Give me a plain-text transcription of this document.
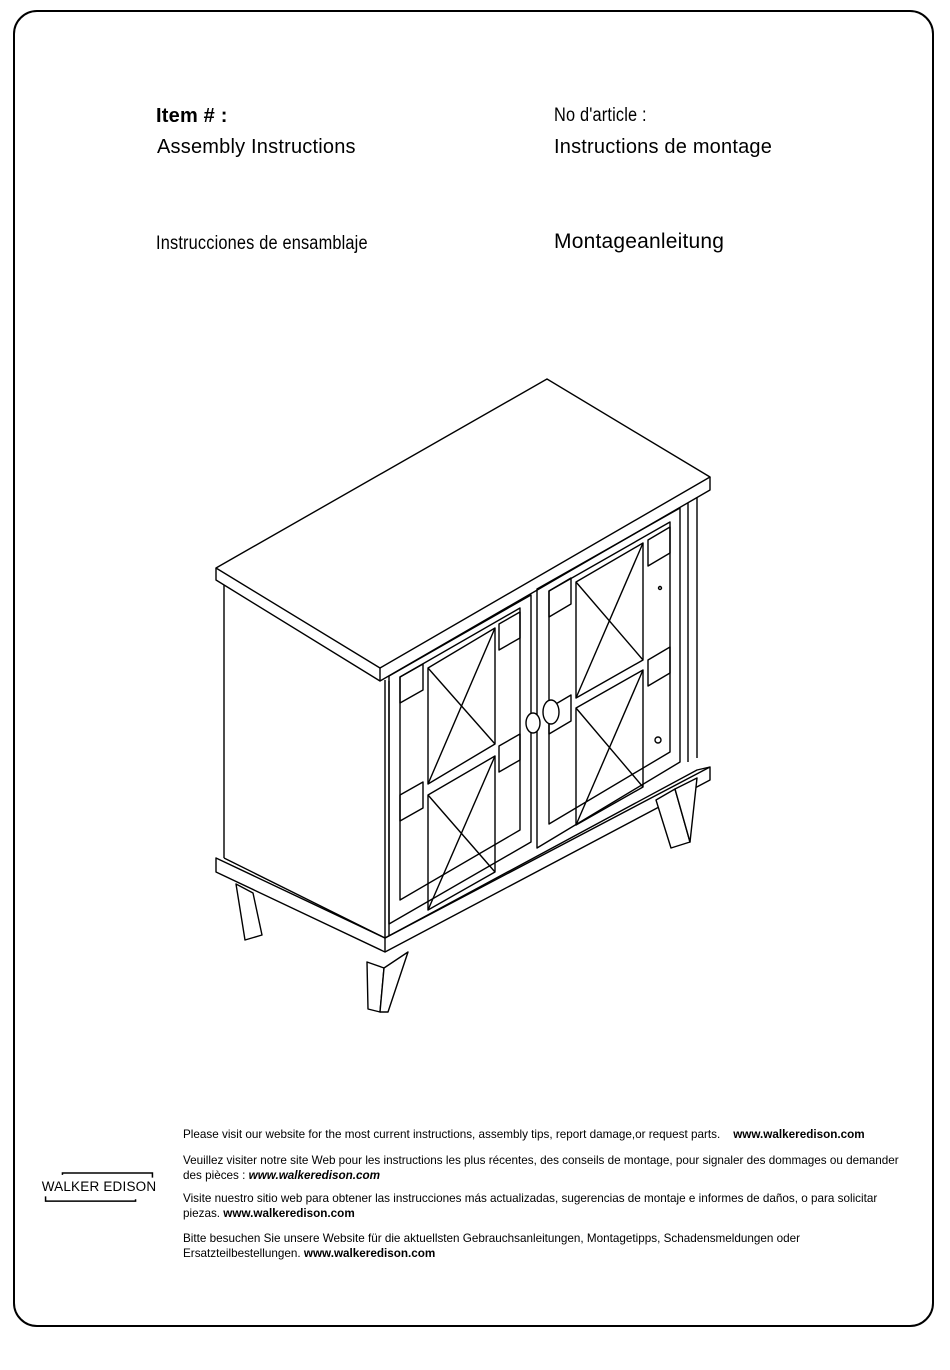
Item # :
Assembly Instructions
No d'article :
Instructions de montage
Instrucciones de ensamblaje	Montageanleitung
WALKER EDISON
Please visit our website for the most current instructions, assembly tips, report damage,or request parts. www.walkeredison.com
Veuillez visiter notre site Web pour les instructions les plus récentes, des conseils de montage, pour signaler des dommages ou demander des pièces : www.walkeredison.com
Visite nuestro sitio web para obtener las instrucciones más actualizadas, sugerencias de montaje e informes de daños, o para solicitar piezas. www.walkeredison.com
Bitte besuchen Sie unsere Website für die aktuellsten Gebrauchsanleitungen, Montagetipps, Schadensmeldungen oder Ersatzteilbestellungen. www.walkeredison.com
